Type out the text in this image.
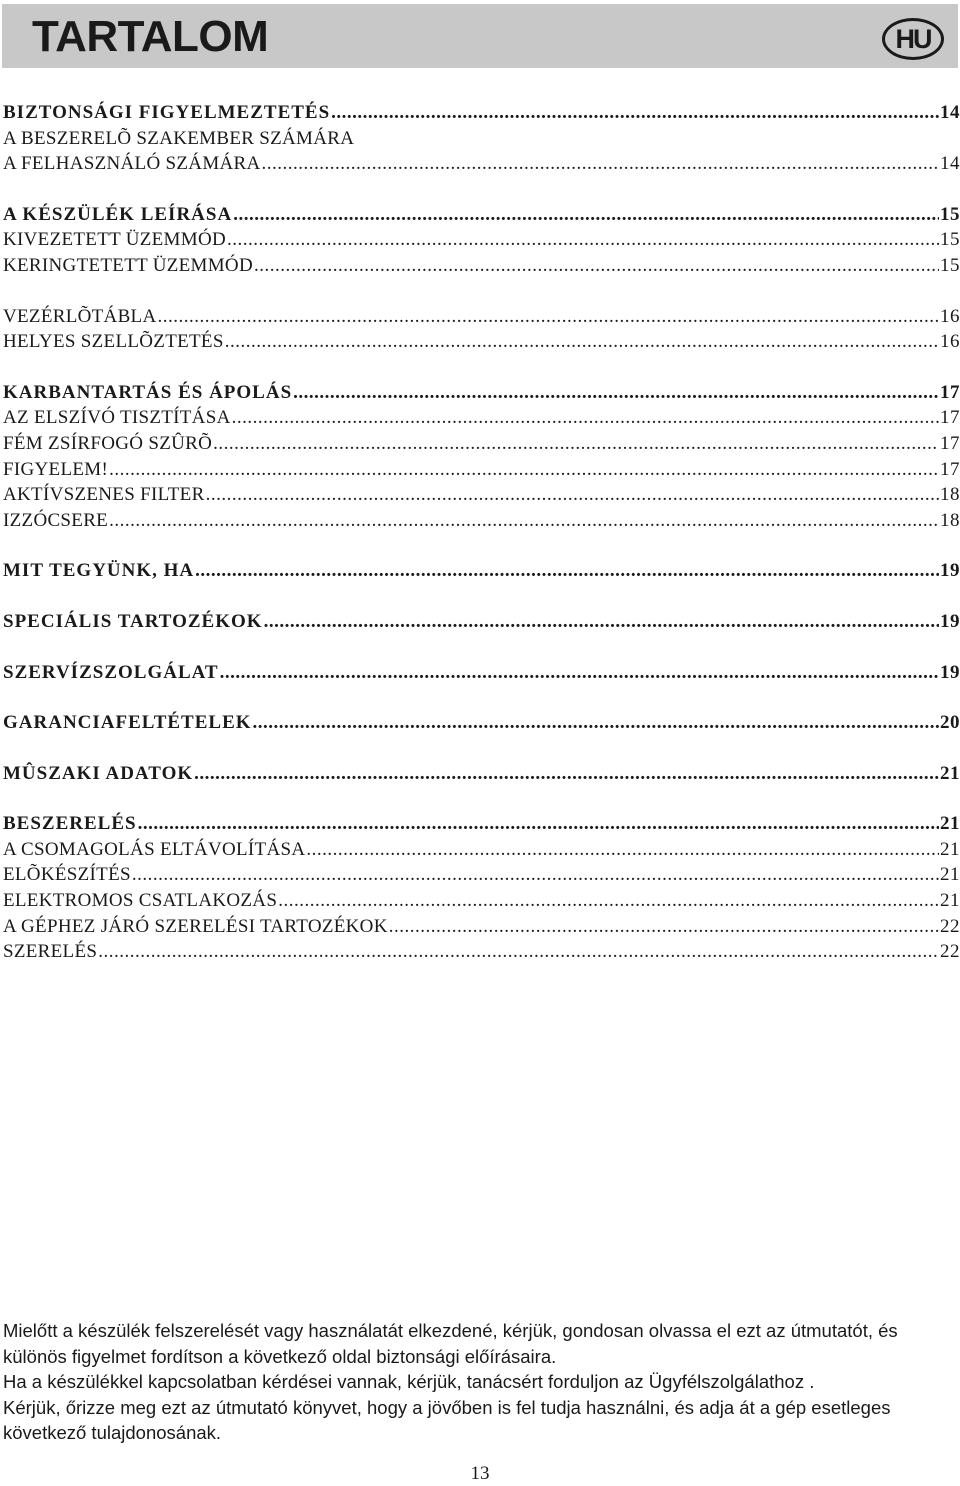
TARTALOM	HU
BIZTONSÁGI FIGYELMEZTETÉS .....	14
A BESZERELÕ SZAKEMBER SZÁMÁRA
A FELHASZNÁLÓ SZÁMÁRA .....	14
A KÉSZÜLÉK LEÍRÁSA .....	15
KIVEZETETT ÜZEMMÓD .....	15
KERINGTETETT ÜZEMMÓD .....	15
VEZÉRLÕTÁBLA .....	16
HELYES SZELLÕZTETÉS .....	16
KARBANTARTÁS ÉS ÁPOLÁS .....	17
AZ ELSZÍVÓ TISZTÍTÁSA .....	17
FÉM ZSÍRFOGÓ SZÛRÕ .....	17
FIGYELEM! .....	17
AKTÍVSZENES FILTER .....	18
IZZÓCSERE .....	18
MIT TEGYÜNK, HA .....	19
SPECIÁLIS TARTOZÉKOK .....	19
SZERVÍZSZOLGÁLAT .....	19
GARANCIAFELTÉTELEK .....	20
MÛSZAKI ADATOK .....	21
BESZERELÉS .....	21
A CSOMAGOLÁS ELTÁVOLÍTÁSA .....	21
ELÕKÉSZÍTÉS .....	21
ELEKTROMOS CSATLAKOZÁS .....	21
A GÉPHEZ JÁRÓ SZERELÉSI TARTOZÉKOK .....	22
SZERELÉS .....	22

Mielőtt a készülék felszerelését vagy használatát elkezdené, kérjük, gondosan olvassa el ezt az útmutatót, és különös figyelmet fordítson a következő oldal biztonsági előírásaira.

Ha a készülékkel kapcsolatban kérdései vannak, kérjük, tanácsért forduljon az Ügyfélszolgálathoz .

Kérjük, őrizze meg ezt az útmutató könyvet, hogy a jövőben is fel tudja használni, és adja át a gép esetleges következő tulajdonosának.

13
